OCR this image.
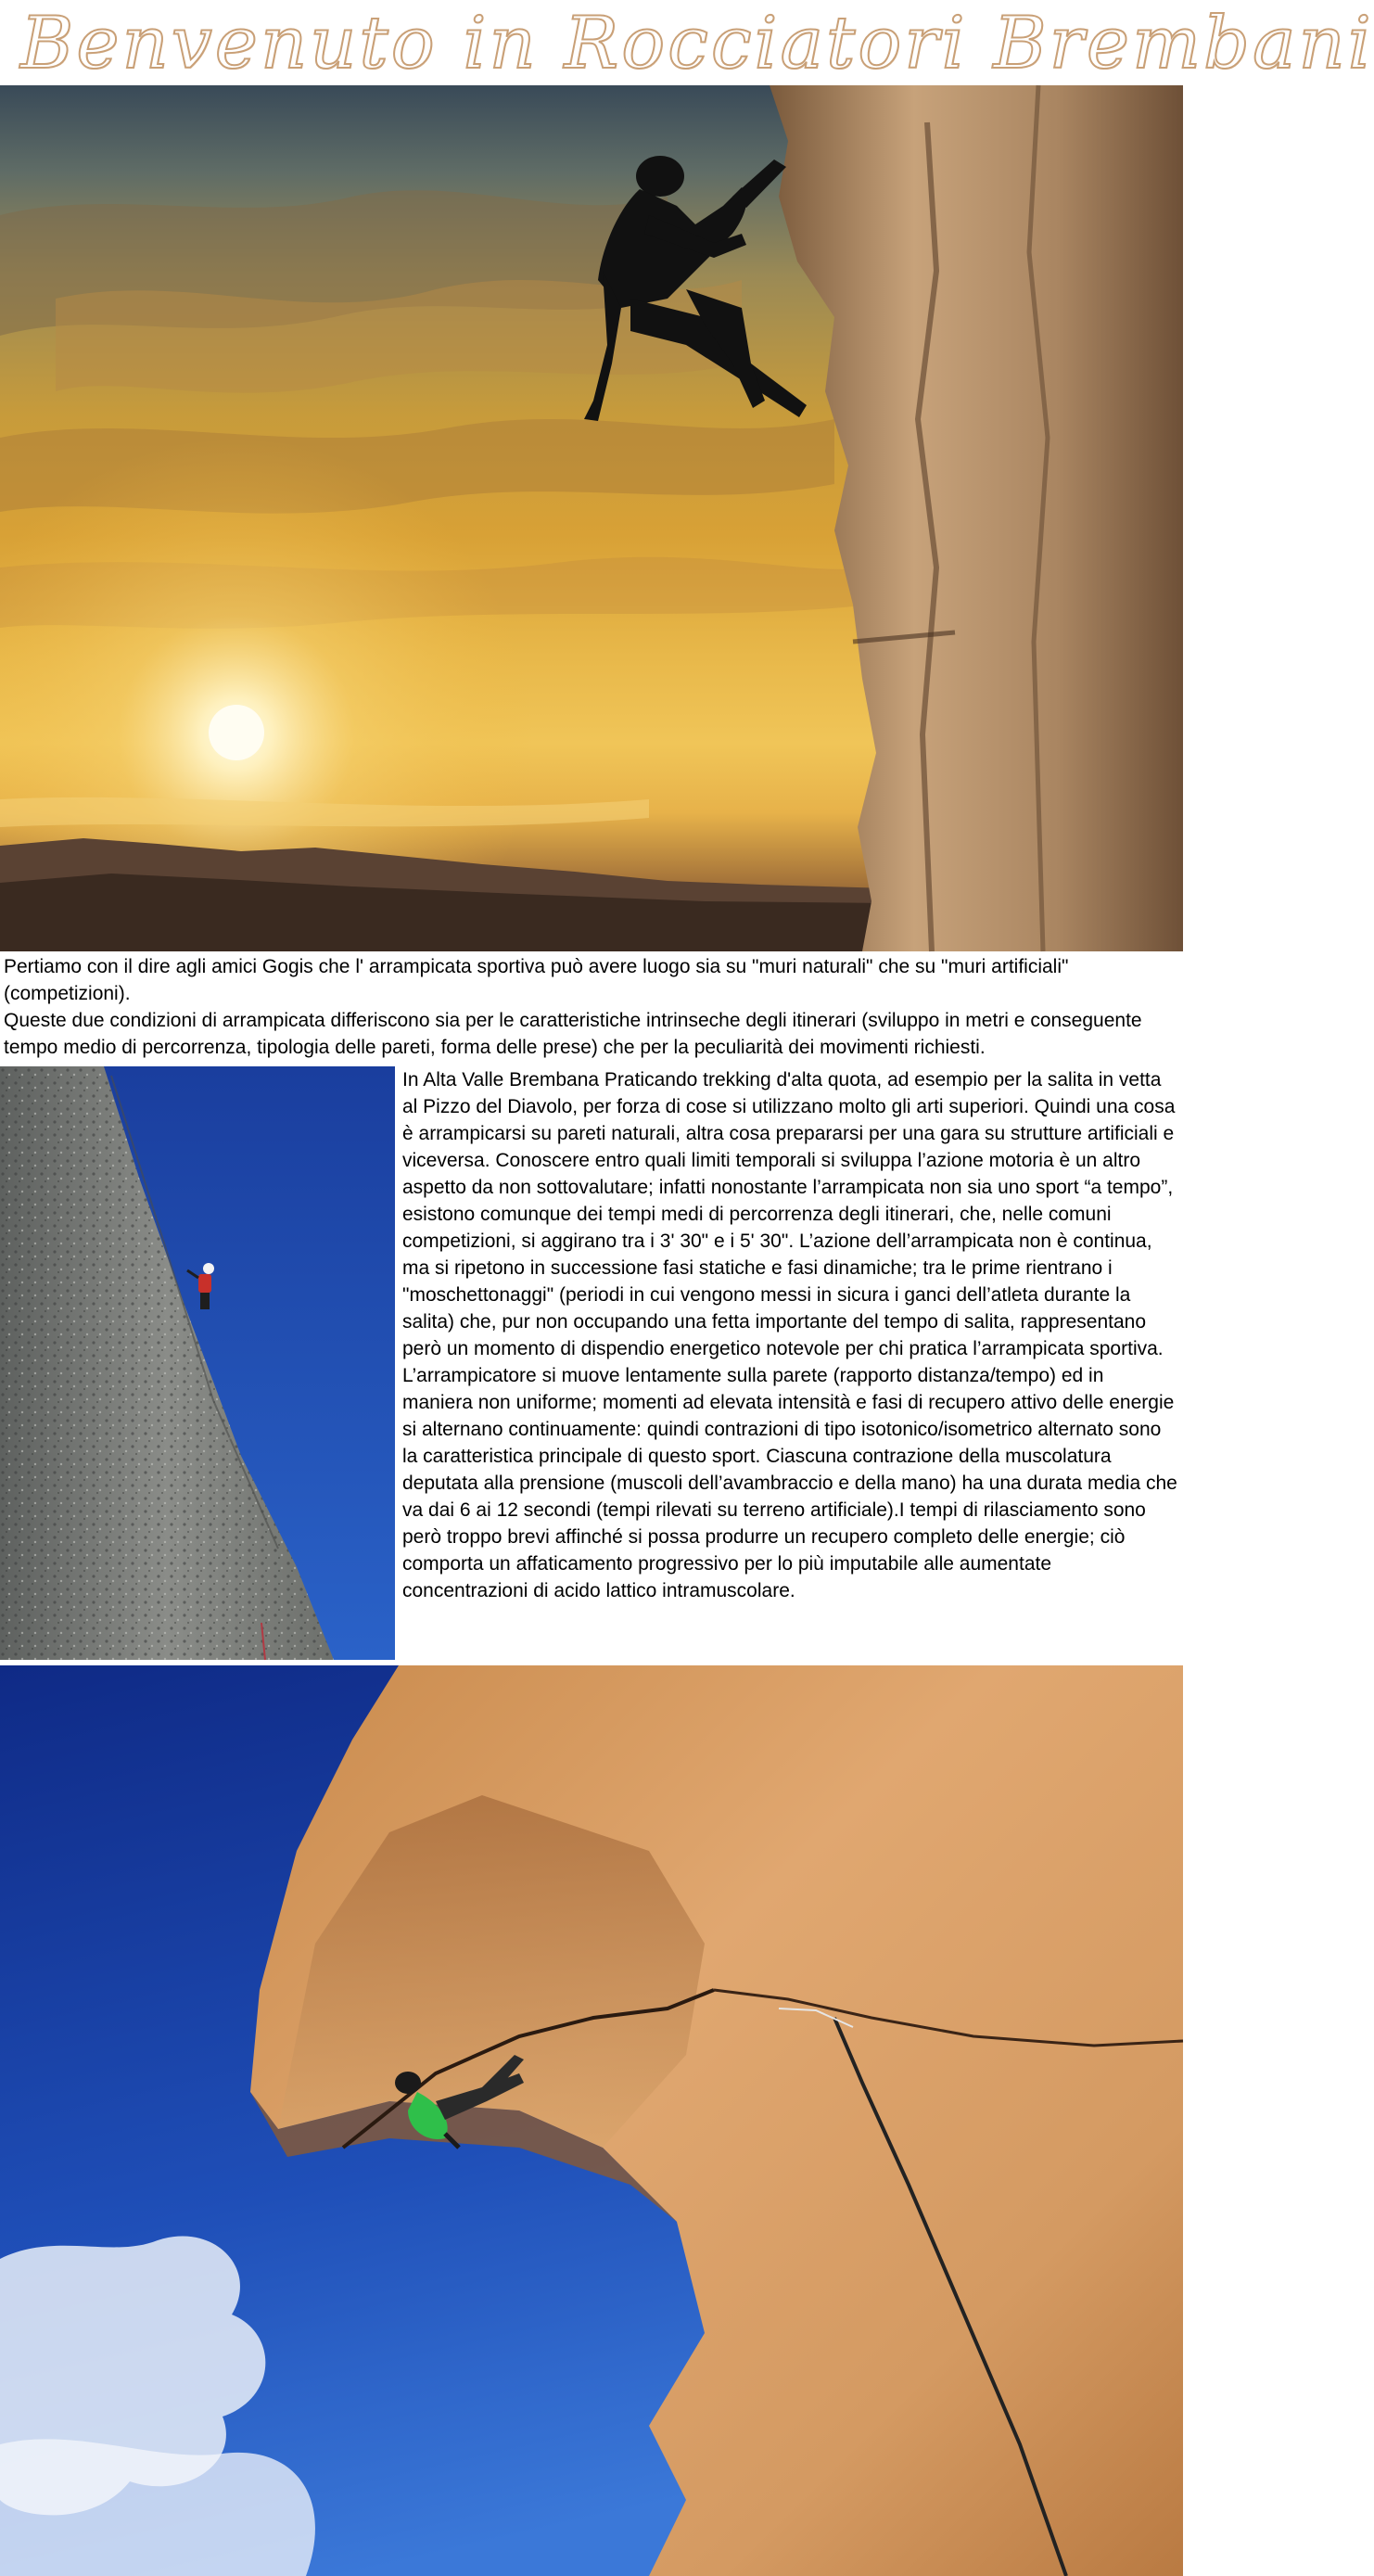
Benvenuto in Rocciatori Brembani

Pertiamo con il dire agli amici Gogis che l' arrampicata sportiva può avere luogo sia su "muri naturali" che su "muri artificiali" (competizioni).

Queste due condizioni di arrampicata differiscono sia per le caratteristiche intrinseche degli itinerari (sviluppo in metri e conseguente tempo medio di percorrenza, tipologia delle pareti, forma delle prese) che per la peculiarità dei movimenti richiesti.

In Alta Valle Brembana Praticando trekking d'alta quota, ad esempio per la salita in vetta al Pizzo del Diavolo, per forza di cose si utilizzano molto gli arti superiori. Quindi una cosa è arrampicarsi su pareti naturali, altra cosa prepararsi per una gara su strutture artificiali e viceversa. Conoscere entro quali limiti temporali si sviluppa l’azione motoria è un altro aspetto da non sottovalutare; infatti nonostante l’arrampicata non sia uno sport “a tempo”, esistono comunque dei tempi medi di percorrenza degli itinerari, che, nelle comuni competizioni, si aggirano tra i 3' 30" e i 5' 30". L’azione dell’arrampicata non è continua, ma si ripetono in successione fasi statiche e fasi dinamiche; tra le prime rientrano i "moschettonaggi" (periodi in cui vengono messi in sicura i ganci dell’atleta durante la salita) che, pur non occupando una fetta importante del tempo di salita, rappresentano però un momento di dispendio energetico notevole per chi pratica l’arrampicata sportiva. L’arrampicatore si muove lentamente sulla parete (rapporto distanza/tempo) ed in maniera non uniforme; momenti ad elevata intensità e fasi di recupero attivo delle energie si alternano continuamente: quindi contrazioni di tipo isotonico/isometrico alternato sono la caratteristica principale di questo sport. Ciascuna contrazione della muscolatura deputata alla prensione (muscoli dell’avambraccio e della mano) ha una durata media che va dai 6 ai 12 secondi (tempi rilevati su terreno artificiale).I tempi di rilasciamento sono però troppo brevi affinché si possa produrre un recupero completo delle energie; ciò comporta un affaticamento progressivo per lo più imputabile alle aumentate concentrazioni di acido lattico intramuscolare.
